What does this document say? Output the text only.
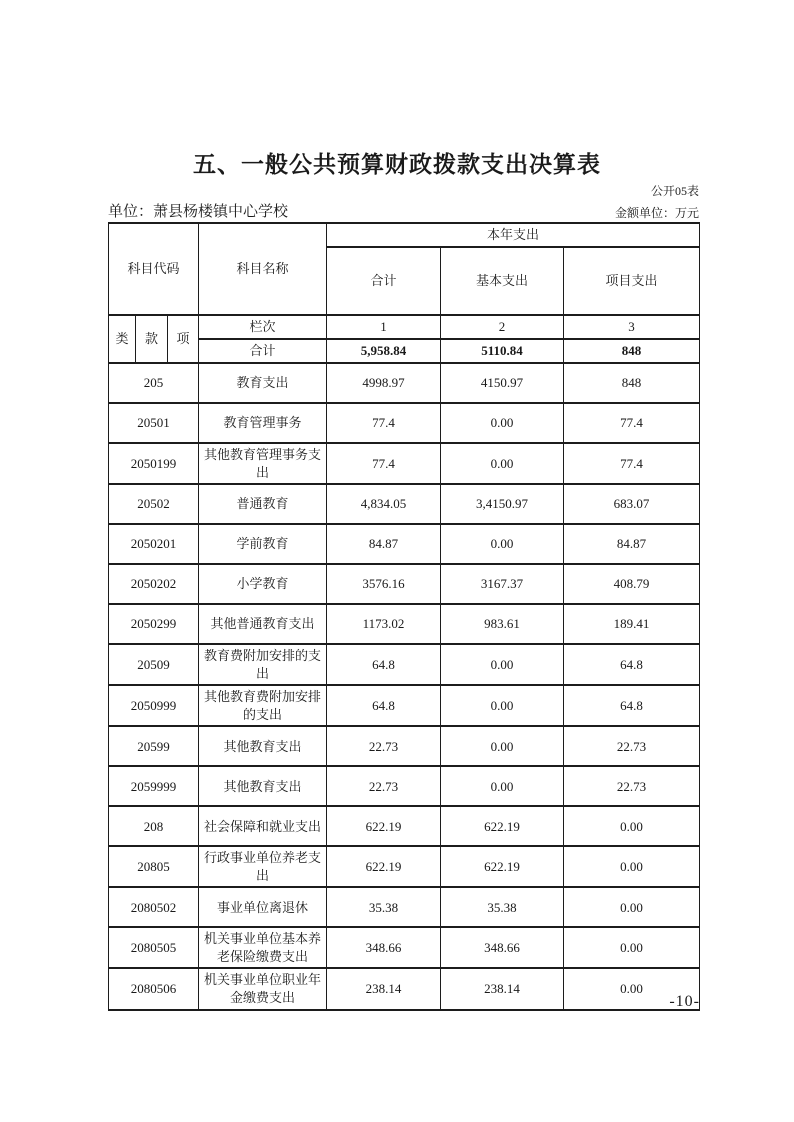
五、一般公共预算财政拨款支出决算表
公开05表
单位：萧县杨楼镇中心学校	金额单位：万元
科目代码			科目名称	本年支出		
				合计	基本支出	项目支出
类	款	项	栏次	1	2	3
			合计	5,958.84	5110.84	848
205			教育支出	4998.97	4150.97	848
20501			教育管理事务	77.4	0.00	77.4
2050199			其他教育管理事务支出	77.4	0.00	77.4
20502			普通教育	4,834.05	3,4150.97	683.07
2050201			学前教育	84.87	0.00	84.87
2050202			小学教育	3576.16	3167.37	408.79
2050299			其他普通教育支出	1173.02	983.61	189.41
20509			教育费附加安排的支出	64.8	0.00	64.8
2050999			其他教育费附加安排的支出	64.8	0.00	64.8
20599			其他教育支出	22.73	0.00	22.73
2059999			其他教育支出	22.73	0.00	22.73
208			社会保障和就业支出	622.19	622.19	0.00
20805			行政事业单位养老支出	622.19	622.19	0.00
2080502			事业单位离退休	35.38	35.38	0.00
2080505			机关事业单位基本养老保险缴费支出	348.66	348.66	0.00
2080506			机关事业单位职业年金缴费支出	238.14	238.14	0.00
-10-
